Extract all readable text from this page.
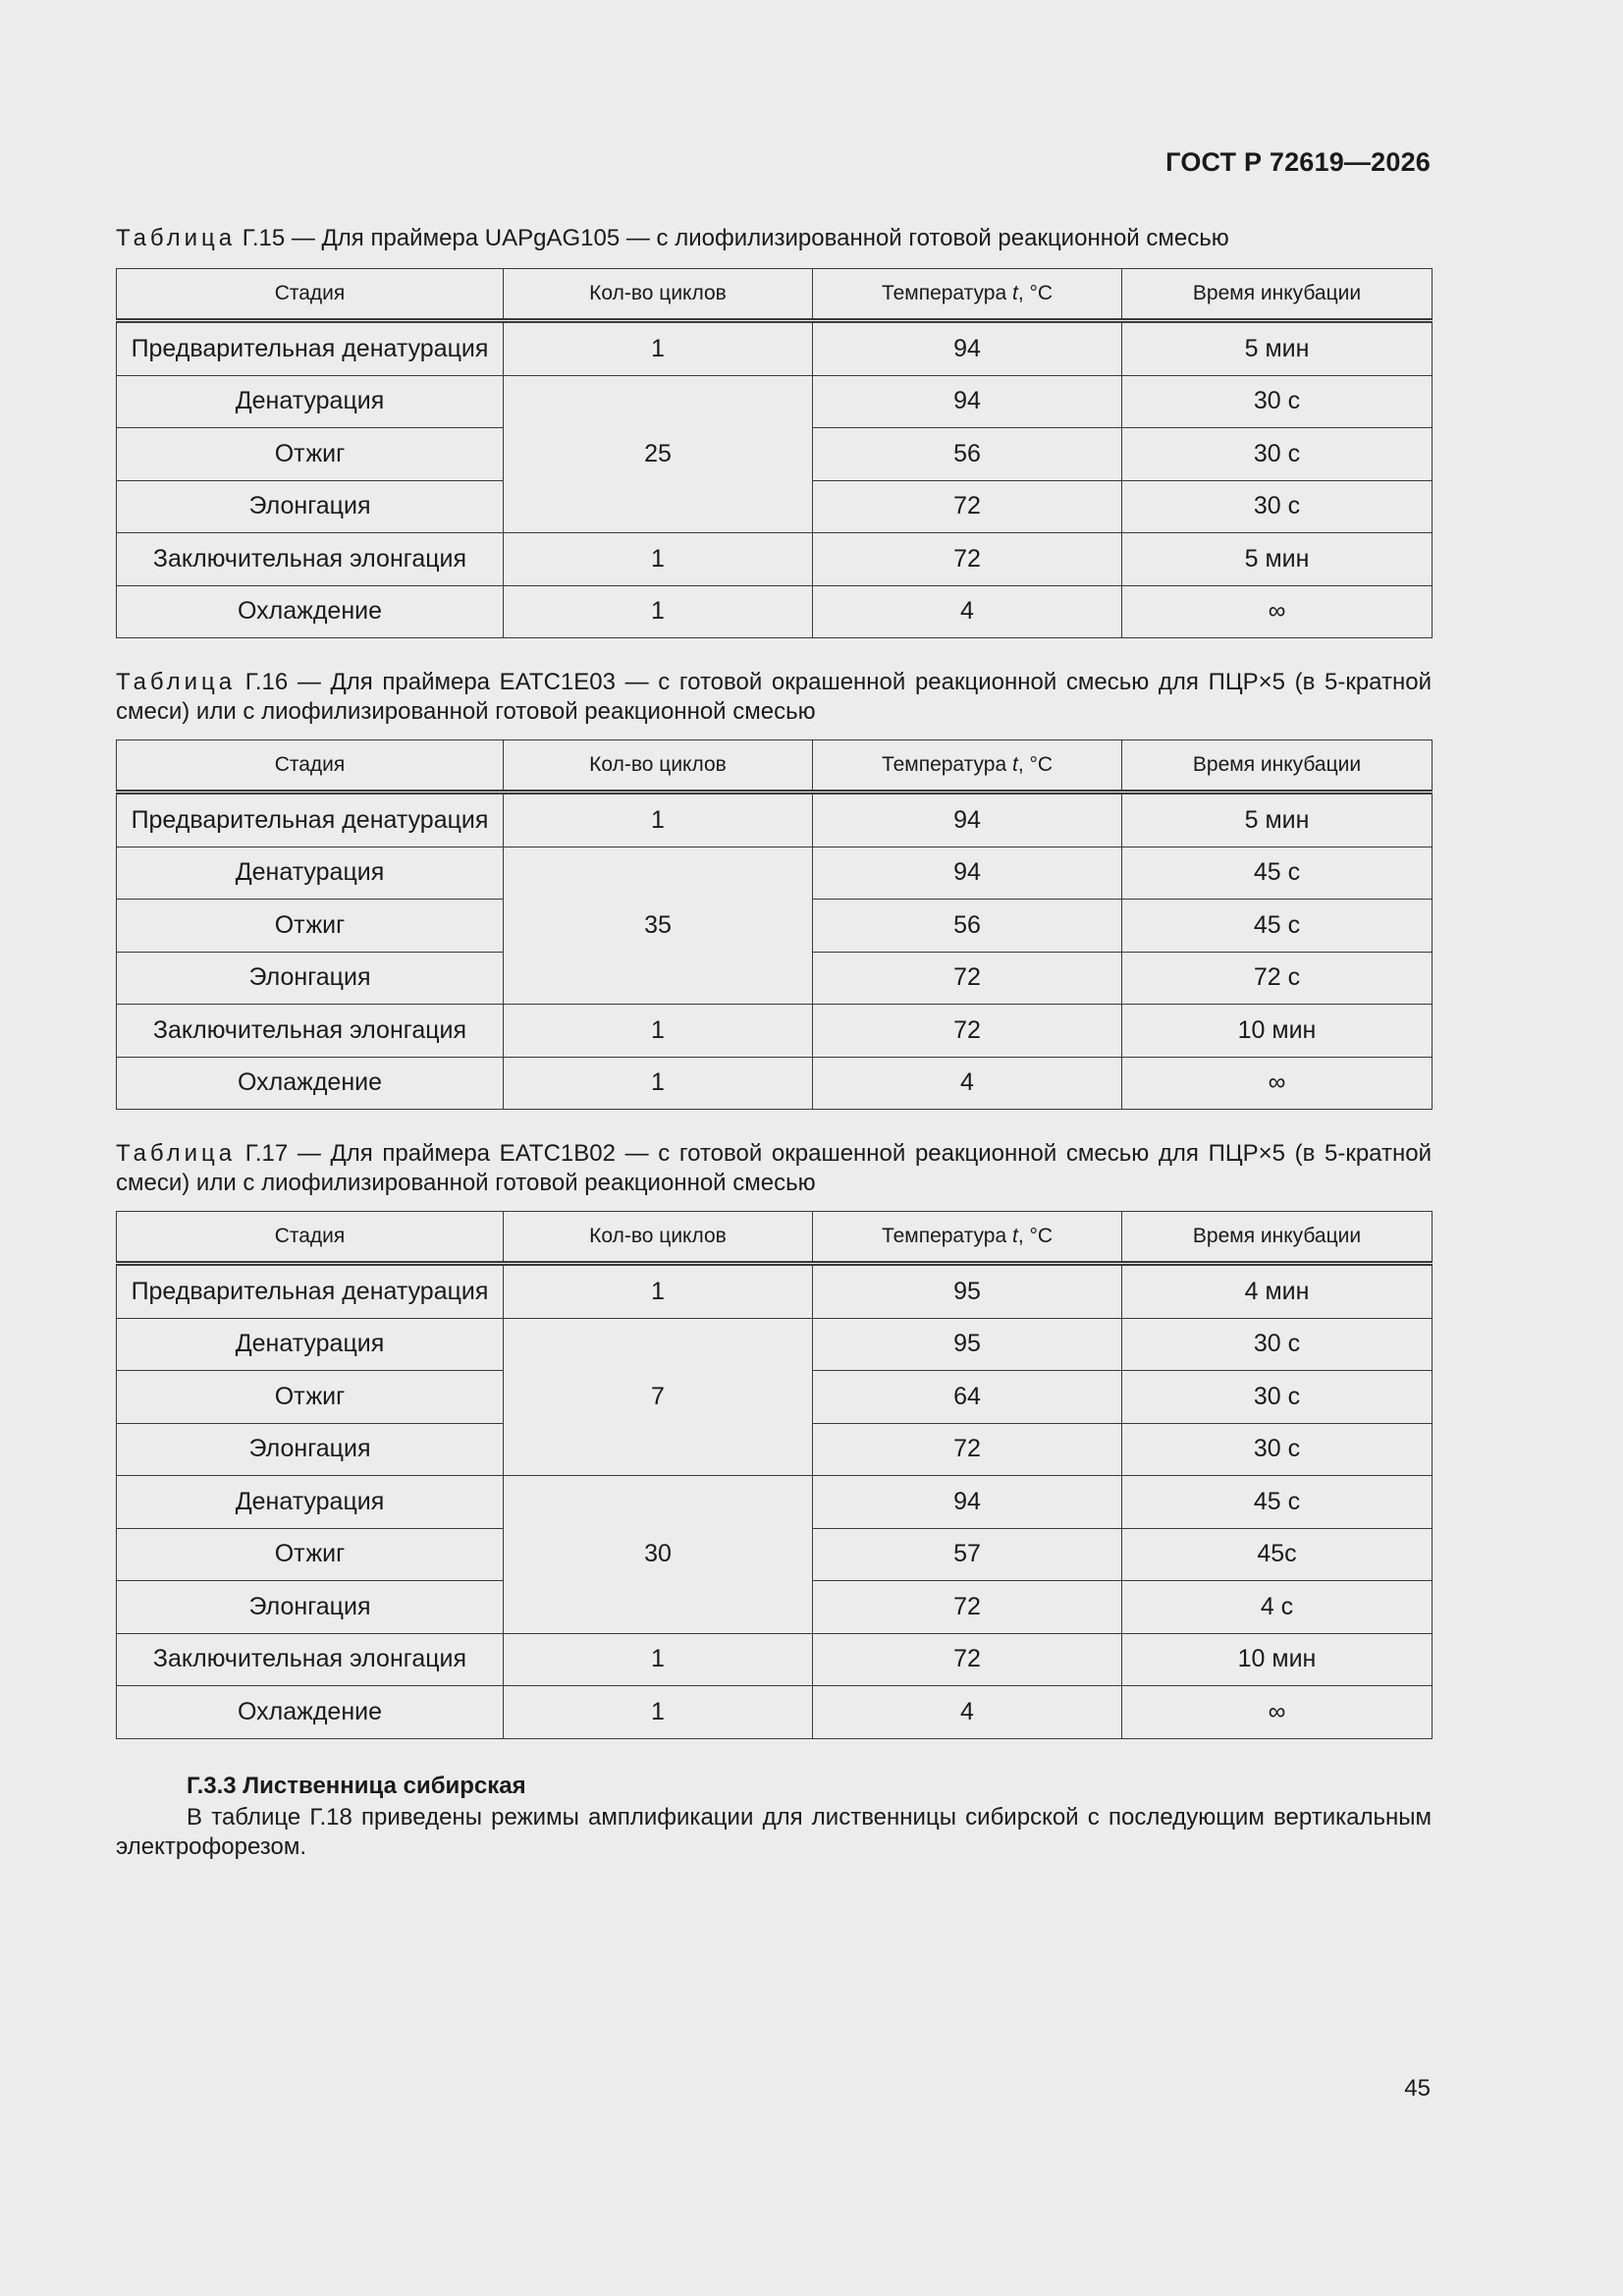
ГОСТ Р 72619—2026
Таблица Г.15 — Для праймера UAPgAG105 — с лиофилизированной готовой реакционной смесью
Стадия	Кол-во циклов	Температура t, °С	Время инкубации
Предварительная денатурация	1	94	5 мин
Денатурация	25	94	30 с
Отжиг		56	30 с
Элонгация		72	30 с
Заключительная элонгация	1	72	5 мин
Охлаждение	1	4	∞
Таблица Г.16 — Для праймера EATC1E03 — с готовой окрашенной реакционной смесью для ПЦР×5 (в 5-кратной смеси) или с лиофилизированной готовой реакционной смесью
Стадия	Кол-во циклов	Температура t, °С	Время инкубации
Предварительная денатурация	1	94	5 мин
Денатурация	35	94	45 с
Отжиг		56	45 с
Элонгация		72	72 с
Заключительная элонгация	1	72	10 мин
Охлаждение	1	4	∞
Таблица Г.17 — Для праймера EATC1B02 — с готовой окрашенной реакционной смесью для ПЦР×5 (в 5-кратной смеси) или с лиофилизированной готовой реакционной смесью
Стадия	Кол-во циклов	Температура t, °С	Время инкубации
Предварительная денатурация	1	95	4 мин
Денатурация	7	95	30 с
Отжиг		64	30 с
Элонгация		72	30 с
Денатурация	30	94	45 с
Отжиг		57	45с
Элонгация		72	4 с
Заключительная элонгация	1	72	10 мин
Охлаждение	1	4	∞
Г.3.3 Лиственница сибирская
В таблице Г.18 приведены режимы амплификации для лиственницы сибирской с последующим вертикальным электрофорезом.
45
